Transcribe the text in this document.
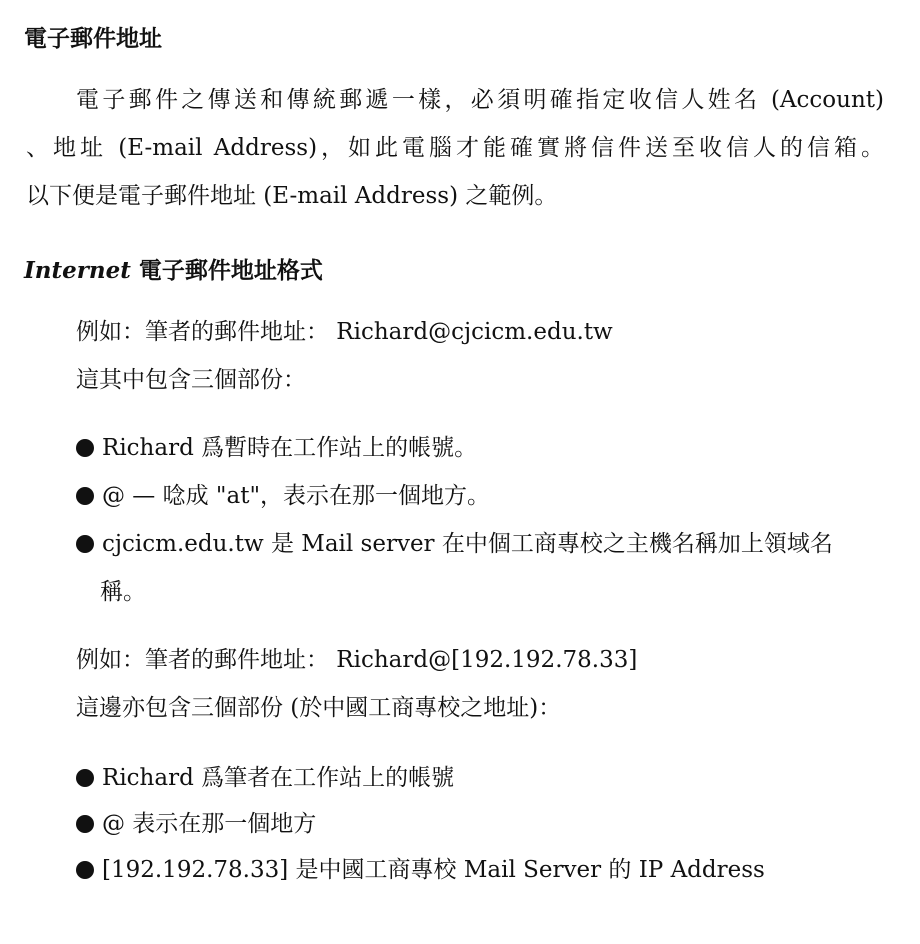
電子郵件地址
電子郵件之傳送和傳統郵遞一樣，必須明確指定收信人姓名 (Account)
、地址 (E-mail Address)，如此電腦才能確實將信件送至收信人的信箱。
以下便是電子郵件地址 (E-mail Address) 之範例。
Internet 電子郵件地址格式
例如：筆者的郵件地址： Richard@cjcicm.edu.tw
這其中包含三個部份：
Richard 爲暫時在工作站上的帳號。
@ — 唸成 "at"，表示在那一個地方。
cjcicm.edu.tw 是 Mail server 在中個工商專校之主機名稱加上領域名
稱。
例如：筆者的郵件地址： Richard@[192.192.78.33]
這邊亦包含三個部份 (於中國工商專校之地址)：
Richard 爲筆者在工作站上的帳號
@ 表示在那一個地方
[192.192.78.33] 是中國工商專校 Mail Server 的 IP Address
